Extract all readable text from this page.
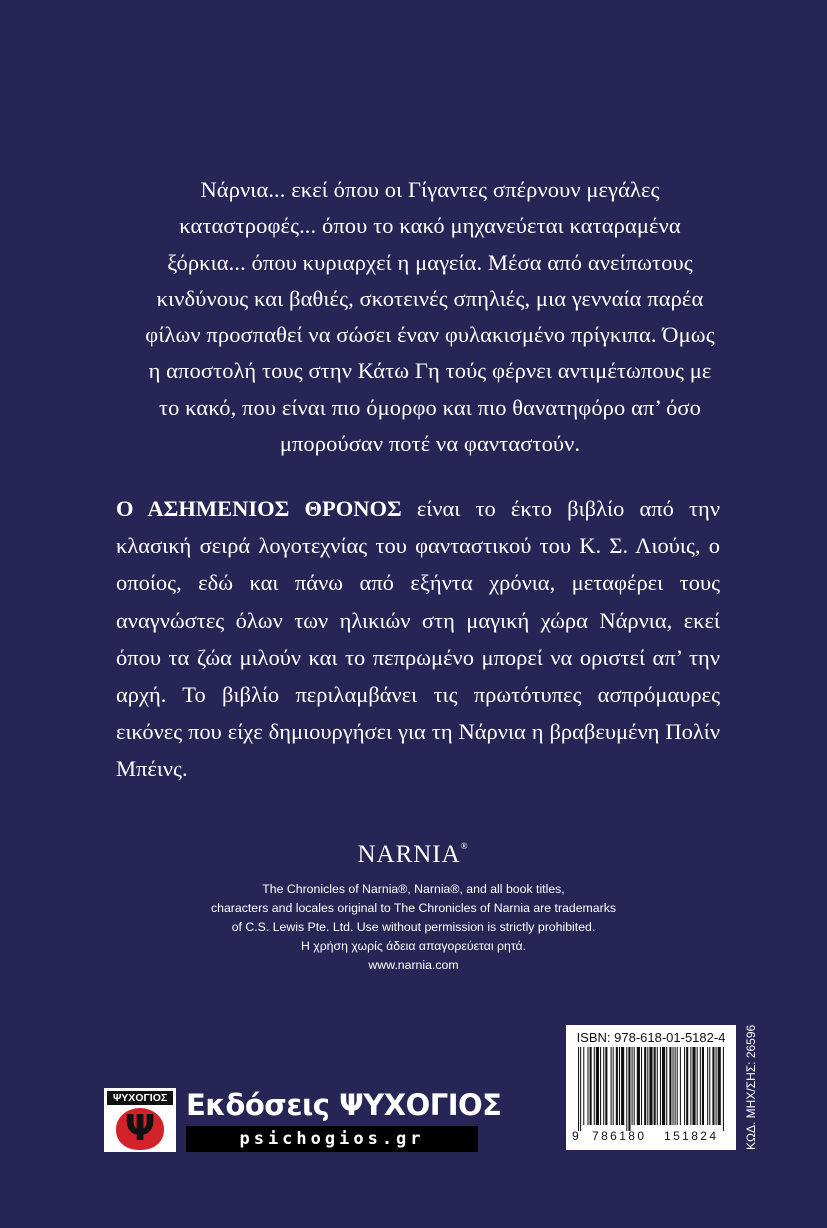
Νάρνια... εκεί όπου οι Γίγαντες σπέρνουν μεγάλες καταστροφές... όπου το κακό μηχανεύεται καταραμένα ξόρκια... όπου κυριαρχεί η μαγεία. Μέσα από ανείπωτους κινδύνους και βαθιές, σκοτεινές σπηλιές, μια γενναία παρέα φίλων προσπαθεί να σώσει έναν φυλακισμένο πρίγκιπα. Όμως η αποστολή τους στην Κάτω Γη τούς φέρνει αντιμέτωπους με το κακό, που είναι πιο όμορφο και πιο θανατηφόρο απ’ όσο μπορούσαν ποτέ να φανταστούν.

Ο ΑΣΗΜΕΝΙΟΣ ΘΡΟΝΟΣ είναι το έκτο βιβλίο από την κλασική σειρά λογοτεχνίας του φανταστικού του Κ. Σ. Λιούις, ο οποίος, εδώ και πάνω από εξήντα χρόνια, μεταφέρει τους αναγνώστες όλων των ηλικιών στη μαγική χώρα Νάρνια, εκεί όπου τα ζώα μιλούν και το πεπρωμένο μπορεί να οριστεί απ’ την αρχή. Το βιβλίο περιλαμβάνει τις πρωτότυπες ασπρόμαυρες εικόνες που είχε δημιουργήσει για τη Νάρνια η βραβευμένη Πολίν Μπέινς.

NARNIA®
The Chronicles of Narnia®, Narnia®, and all book titles,
characters and locales original to The Chronicles of Narnia are trademarks
of C.S. Lewis Pte. Ltd. Use without permission is strictly prohibited.
Η χρήση χωρίς άδεια απαγορεύεται ρητά.
www.narnia.com
ΨΥΧΟΓΙΟΣ
Ψ
Εκδόσεις ΨΥΧΟΓΙΟΣ
psichogios.gr
ISBN: 978-618-01-5182-4
9 786180 151824 ΚΩΔ. ΜΗΧ/ΣΗΣ: 26596
